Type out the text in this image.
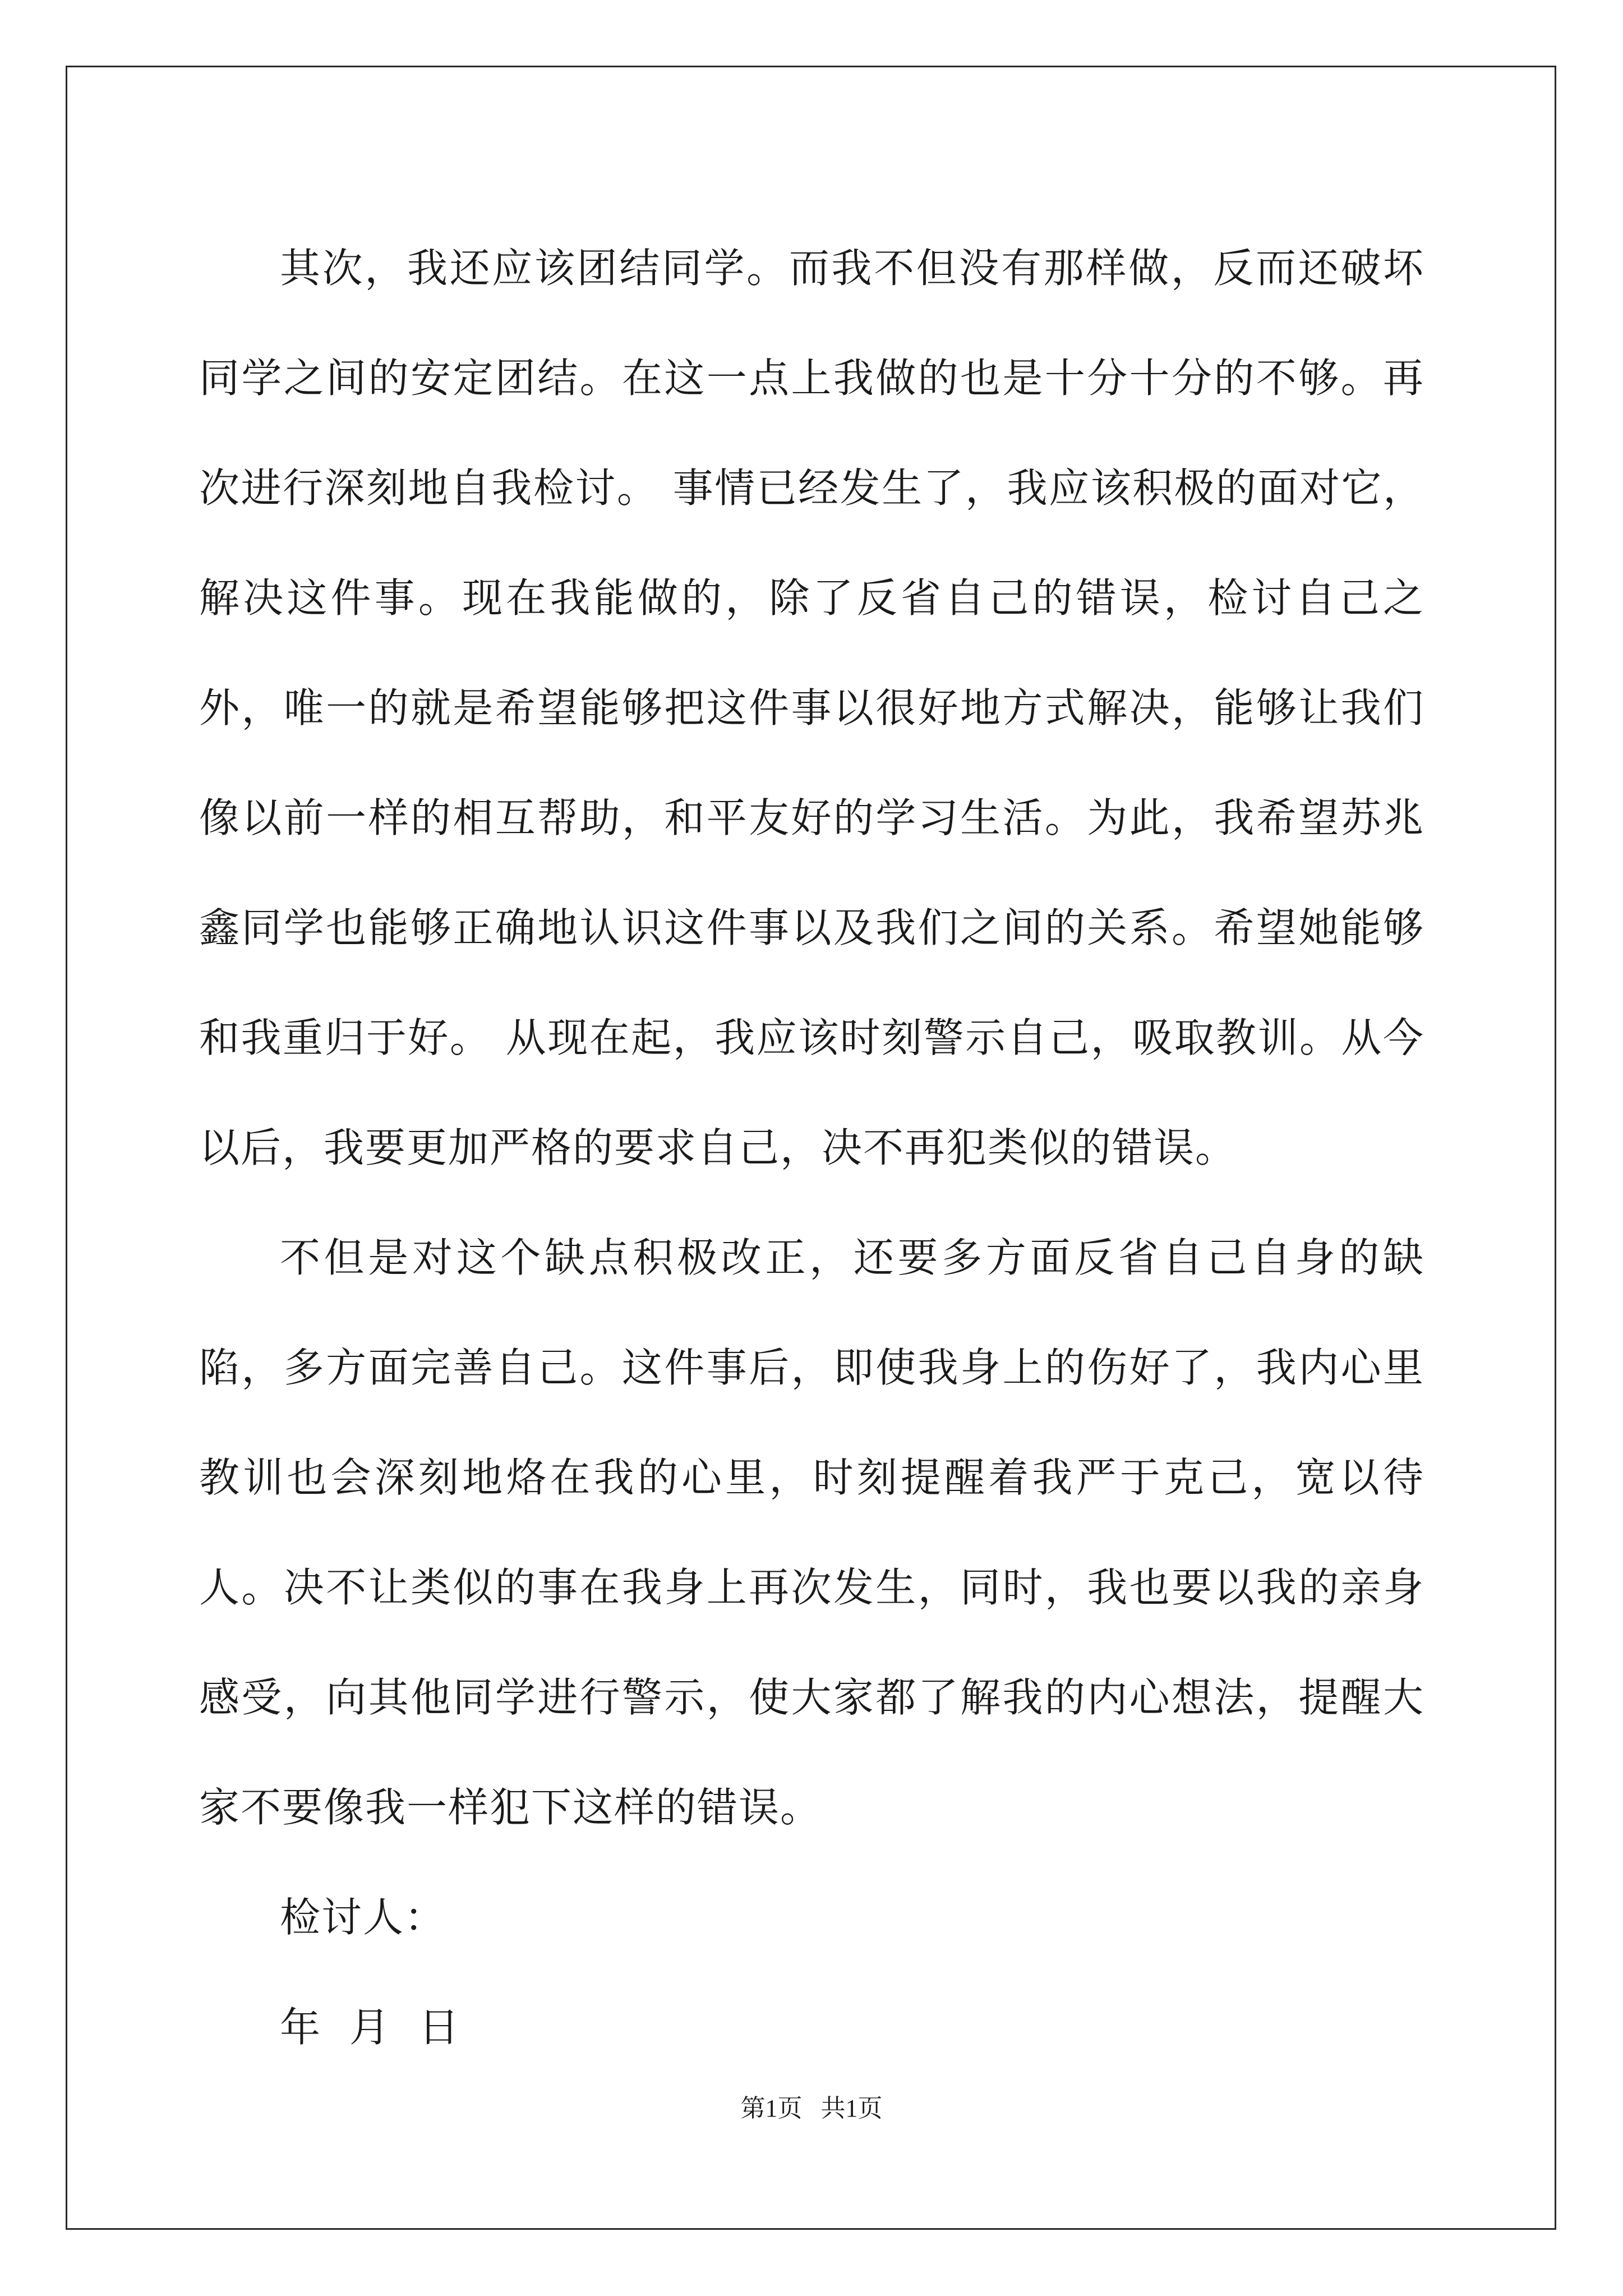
其次，我还应该团结同学。而我不但没有那样做，反而还破坏同学之间的安定团结。在这一点上我做的也是十分十分的不够。再次进行深刻地自我检讨。 事情已经发生了，我应该积极的面对它，解决这件事。现在我能做的，除了反省自己的错误，检讨自己之外，唯一的就是希望能够把这件事以很好地方式解决，能够让我们像以前一样的相互帮助，和平友好的学习生活。为此，我希望苏兆鑫同学也能够正确地认识这件事以及我们之间的关系。希望她能够和我重归于好。 从现在起，我应该时刻警示自己，吸取教训。从今以后，我要更加严格的要求自己，决不再犯类似的错误。

不但是对这个缺点积极改正，还要多方面反省自己自身的缺陷，多方面完善自己。这件事后，即使我身上的伤好了，我内心里教训也会深刻地烙在我的心里，时刻提醒着我严于克己，宽以待人。决不让类似的事在我身上再次发生，同时，我也要以我的亲身感受，向其他同学进行警示，使大家都了解我的内心想法，提醒大家不要像我一样犯下这样的错误。

检讨人：

年  月  日

第1页   共1页
